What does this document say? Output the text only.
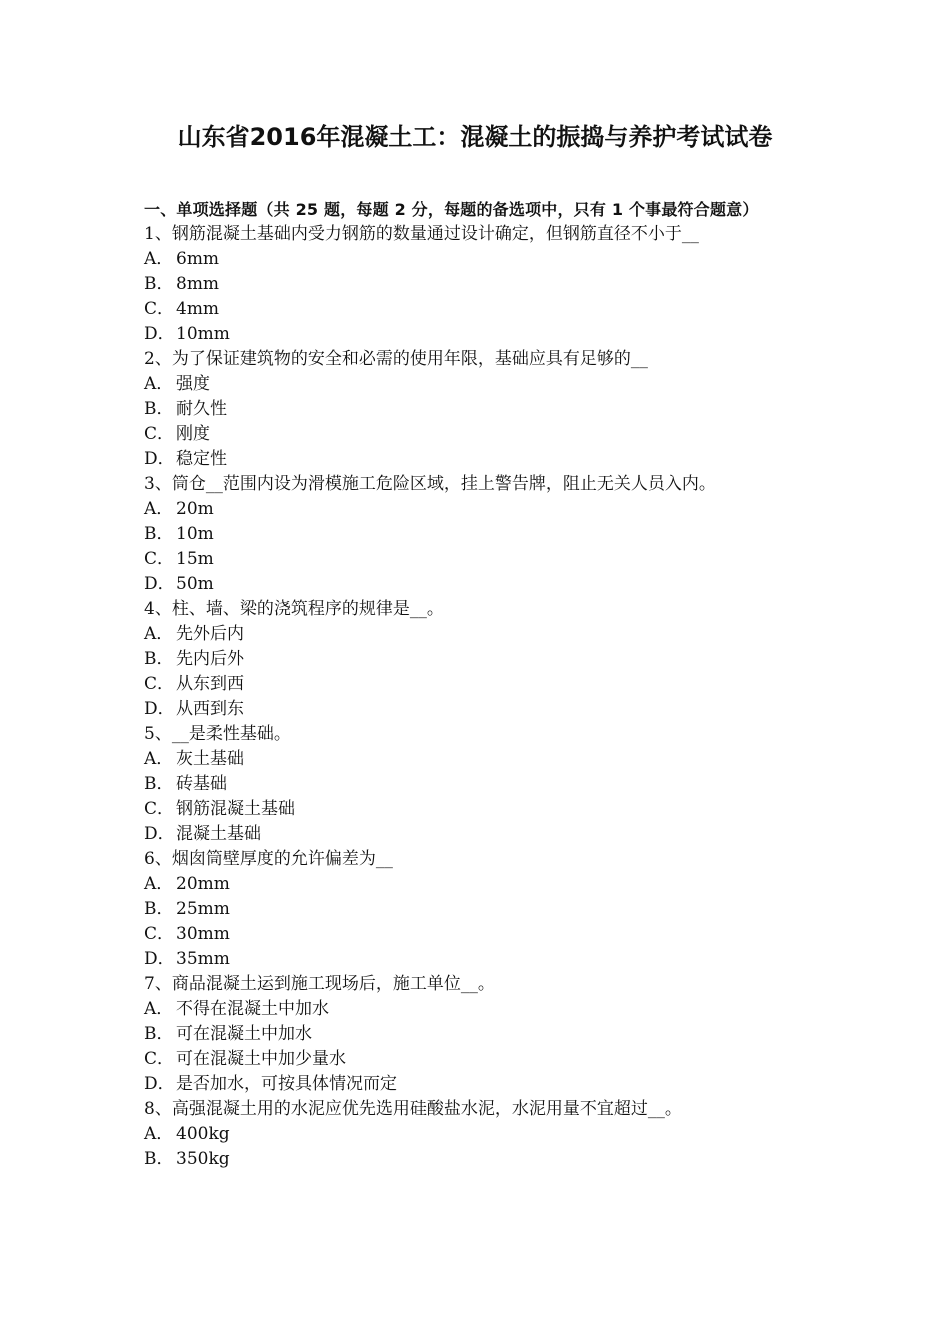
山东省2016年混凝土工：混凝土的振捣与养护考试试卷

一、单项选择题（共 25 题，每题 2 分，每题的备选项中，只有 1 个事最符合题意）

1、钢筋混凝土基础内受力钢筋的数量通过设计确定，但钢筋直径不小于__

A． 6mm
B． 8mm
C． 4mm
D．10mm

2、为了保证建筑物的安全和必需的使用年限，基础应具有足够的__

A． 强度
B． 耐久性
C． 刚度
D．稳定性

3、筒仓__范围内设为滑模施工危险区域，挂上警告牌，阻止无关人员入内。

A． 20m
B． 10m
C． 15m
D．50m

4、柱、墙、梁的浇筑程序的规律是__。

A． 先外后内
B． 先内后外
C． 从东到西
D．从西到东

5、__是柔性基础。

A． 灰土基础
B． 砖基础
C． 钢筋混凝土基础
D．混凝土基础

6、烟囱筒壁厚度的允许偏差为__

A． 20mm
B． 25mm
C． 30mm
D．35mm

7、商品混凝土运到施工现场后，施工单位__。

A． 不得在混凝土中加水
B． 可在混凝土中加水
C． 可在混凝土中加少量水
D．是否加水，可按具体情况而定

8、高强混凝土用的水泥应优先选用硅酸盐水泥，水泥用量不宜超过__。

A． 400kg
B． 350kg
